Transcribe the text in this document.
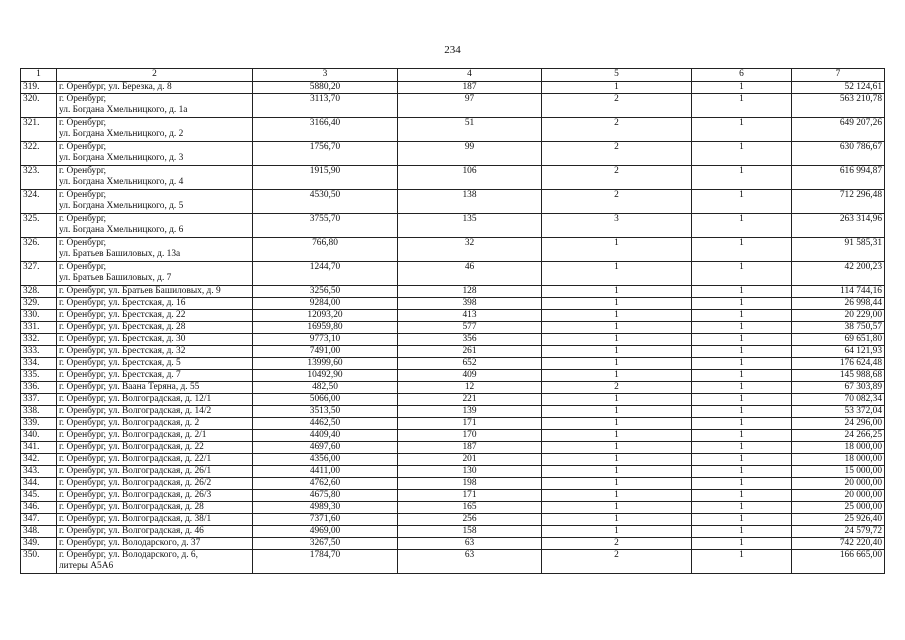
234
1	2	3	4	5	6	7
319.	г. Оренбург, ул. Березка, д. 8	5880,20	187	1	1	52 124,61
320.	г. Оренбург,
ул. Богдана Хмельницкого, д. 1а	3113,70	97	2	1	563 210,78
321.	г. Оренбург,
ул. Богдана Хмельницкого, д. 2	3166,40	51	2	1	649 207,26
322.	г. Оренбург,
ул. Богдана Хмельницкого, д. 3	1756,70	99	2	1	630 786,67
323.	г. Оренбург,
ул. Богдана Хмельницкого, д. 4	1915,90	106	2	1	616 994,87
324.	г. Оренбург,
ул. Богдана Хмельницкого, д. 5	4530,50	138	2	1	712 296,48
325.	г. Оренбург,
ул. Богдана Хмельницкого, д. 6	3755,70	135	3	1	263 314,96
326.	г. Оренбург,
ул. Братьев Башиловых, д. 13а	766,80	32	1	1	91 585,31
327.	г. Оренбург,
ул. Братьев Башиловых, д. 7	1244,70	46	1	1	42 200,23
328.	г. Оренбург, ул. Братьев Башиловых, д. 9	3256,50	128	1	1	114 744,16
329.	г. Оренбург, ул. Брестская, д. 16	9284,00	398	1	1	26 998,44
330.	г. Оренбург, ул. Брестская, д. 22	12093,20	413	1	1	20 229,00
331.	г. Оренбург, ул. Брестская, д. 28	16959,80	577	1	1	38 750,57
332.	г. Оренбург, ул. Брестская, д. 30	9773,10	356	1	1	69 651,80
333.	г. Оренбург, ул. Брестская, д. 32	7491,00	261	1	1	64 121,93
334.	г. Оренбург, ул. Брестская, д. 5	13999,60	652	1	1	176 624,48
335.	г. Оренбург, ул. Брестская, д. 7	10492,90	409	1	1	145 988,68
336.	г. Оренбург, ул. Ваана Теряна, д. 55	482,50	12	2	1	67 303,89
337.	г. Оренбург, ул. Волгоградская, д. 12/1	5066,00	221	1	1	70 082,34
338.	г. Оренбург, ул. Волгоградская, д. 14/2	3513,50	139	1	1	53 372,04
339.	г. Оренбург, ул. Волгоградская, д. 2	4462,50	171	1	1	24 296,00
340.	г. Оренбург, ул. Волгоградская, д. 2/1	4409,40	170	1	1	24 266,25
341.	г. Оренбург, ул. Волгоградская, д. 22	4697,60	187	1	1	18 000,00
342.	г. Оренбург, ул. Волгоградская, д. 22/1	4356,00	201	1	1	18 000,00
343.	г. Оренбург, ул. Волгоградская, д. 26/1	4411,00	130	1	1	15 000,00
344.	г. Оренбург, ул. Волгоградская, д. 26/2	4762,60	198	1	1	20 000,00
345.	г. Оренбург, ул. Волгоградская, д. 26/3	4675,80	171	1	1	20 000,00
346.	г. Оренбург, ул. Волгоградская, д. 28	4989,30	165	1	1	25 000,00
347.	г. Оренбург, ул. Волгоградская, д. 38/1	7371,60	256	1	1	25 926,40
348.	г. Оренбург, ул. Волгоградская, д. 46	4969,00	158	1	1	24 579,72
349.	г. Оренбург, ул. Володарского, д. 37	3267,50	63	2	1	742 220,40
350.	г. Оренбург, ул. Володарского, д. 6,
литеры А5А6	1784,70	63	2	1	166 665,00
